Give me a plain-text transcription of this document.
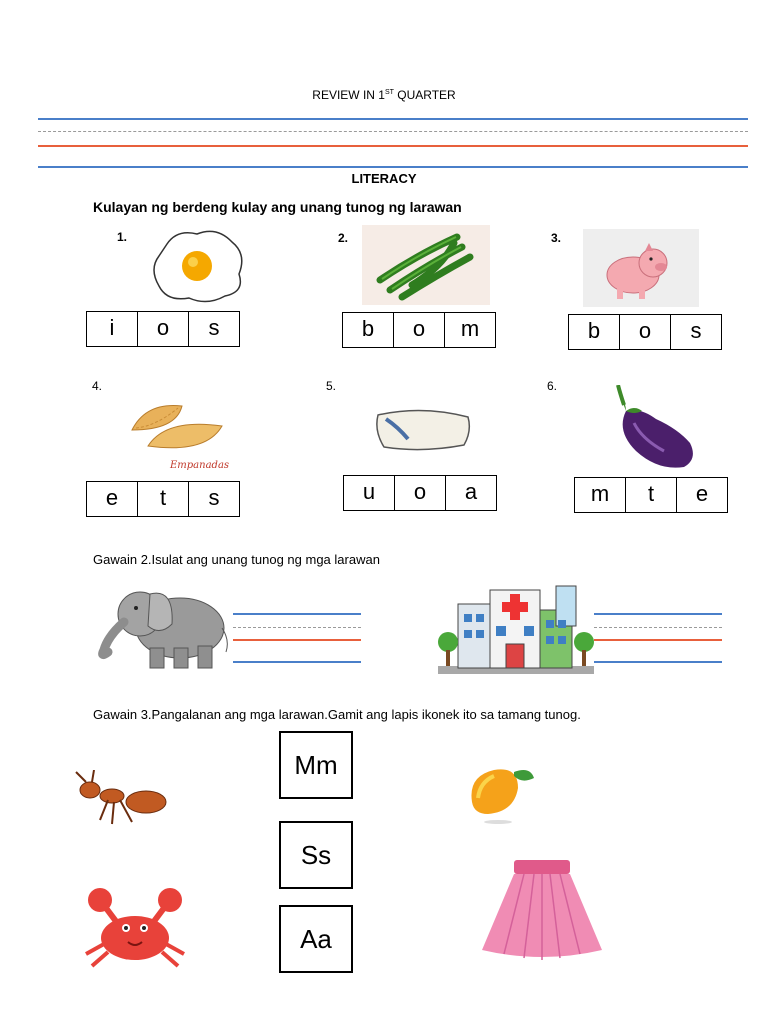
REVIEW IN 1ST QUARTER
LITERACY
Kulayan ng berdeng kulay ang unang tunog ng larawan
1.	2.	3.
4.	5.	6.
i	o	s	b	o	m	b	o	s
Empanadas
e	t	s	u	o	a	m	t	e
Gawain 2.Isulat ang unang tunog ng mga larawan
Gawain 3.Pangalanan ang mga larawan.Gamit ang lapis ikonek ito sa tamang tunog.
Mm
Ss
Aa
